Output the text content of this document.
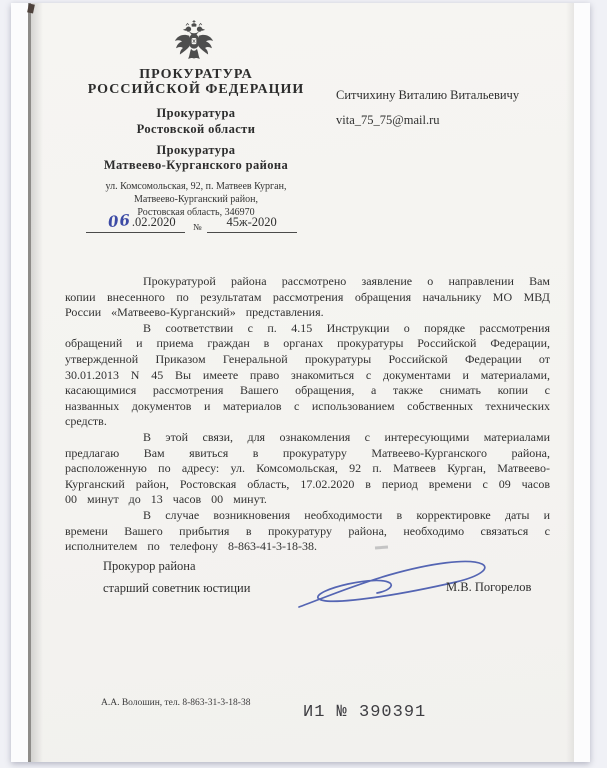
ПРОКУРАТУРА
РОССИЙСКОЙ ФЕДЕРАЦИИ
Прокуратура
Ростовской области
Прокуратура
Матвеево-Курганского района
ул. Комсомольская, 92, п. Матвеев Курган,
Матвеево-Курганский район,
Ростовская область, 346970
06.02.2020	№	45ж-2020
Ситчихину Виталию Витальевичу
vita_75_75@mail.ru

Прокуратурой района рассмотрено заявление о направлении Вам копии внесенного по результатам рассмотрения обращения начальнику МО МВД России «Матвеево-Курганский» представления.

В соответствии с п. 4.15 Инструкции о порядке рассмотрения обращений и приема граждан в органах прокуратуры Российской Федерации, утвержденной Приказом Генеральной прокуратуры Российской Федерации от 30.01.2013 N 45 Вы имеете право знакомиться с документами и материалами, касающимися рассмотрения Вашего обращения, а также снимать копии с названных документов и материалов с использованием собственных технических средств.

В этой связи, для ознакомления с интересующими материалами предлагаю Вам явиться в прокуратуру Матвеево-Курганского района, расположенную по адресу: ул. Комсомольская, 92 п. Матвеев Курган, Матвеево-Курганский район, Ростовская область, 17.02.2020 в период времени с 09 часов 00 минут до 13 часов 00 минут.

В случае возникновения необходимости в корректировке даты и времени Вашего прибытия в прокуратуру района, необходимо связаться с исполнителем по телефону 8-863-41-3-18-38.

Прокурор района
старший советник юстиции	М.В. Погорелов
А.А. Волошин, тел. 8-863-31-3-18-38	И1 № 390391
